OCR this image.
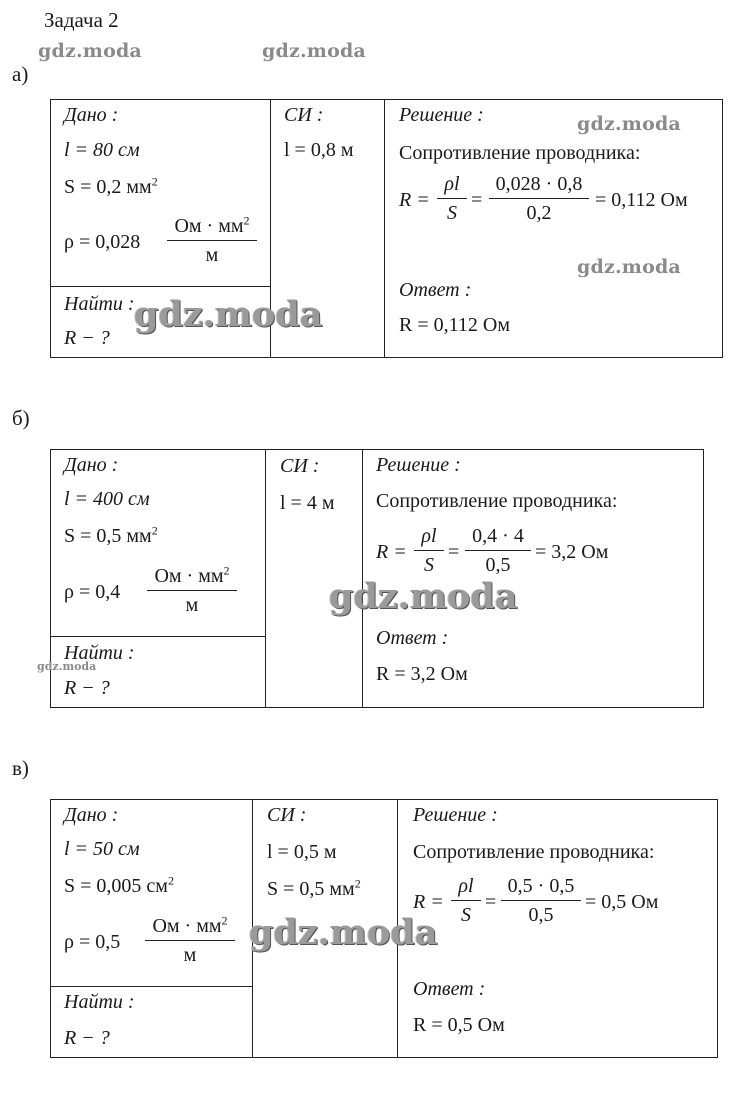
Задача 2
gdz.moda	gdz.moda
а)
Дано :
l = 80 см
S = 0,2 $мм^2$
ρ = 0,028
Ом · $мм^2$
м
Найти :
R − ?
СИ :
l = 0,8 м
Решение :
Сопротивление проводника:
R =
ρl
S
=
0,028 · 0,8
0,2
= 0,112 Ом
Ответ :
R = 0,112 Ом
gdz.moda
gdz.moda
gdz.moda
б)
Дано :
l = 400 см
S = 0,5 $мм^2$
ρ = 0,4
Ом · $мм^2$
м
Найти :
R − ?
СИ :
l = 4 м
Решение :
Сопротивление проводника:
R =
ρl
S
=
0,4 · 4
0,5
= 3,2 Ом
Ответ :
R = 3,2 Ом
gdz.moda
gdz.moda
в)
Дано :
l = 50 см
S = 0,005 $см^2$
ρ = 0,5
Ом · $мм^2$
м
Найти :
R − ?
СИ :
l = 0,5 м
S = 0,5 $мм^2$
Решение :
Сопротивление проводника:
R =
ρl
S
=
0,5 · 0,5
0,5
= 0,5 Ом
Ответ :
R = 0,5 Ом
gdz.moda
